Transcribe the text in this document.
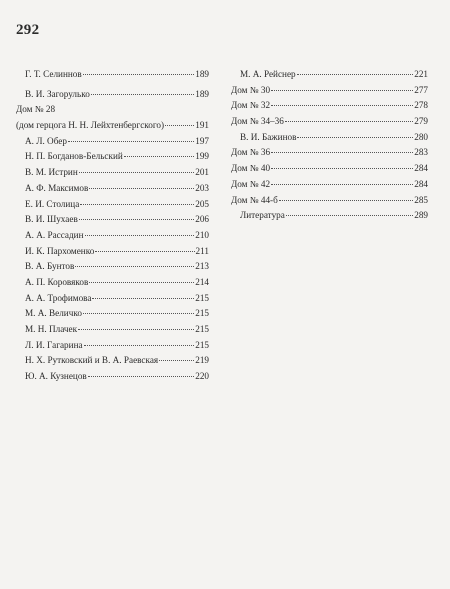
292
Г. Т. Селиннов	189
В. И. Загорулько	189
Дом № 28
(дом герцога Н. Н. Лейхтенбергского)	191
А. Л. Обер	197
Н. П. Богданов-Бельский	199
В. М. Истрин	201
А. Ф. Максимов	203
Е. И. Столица	205
В. И. Шухаев	206
А. А. Рассадин	210
И. К. Пархоменко	211
В. А. Бунтов	213
А. П. Коровяков	214
А. А. Трофимова	215
М. А. Величко	215
М. Н. Плачек	215
Л. И. Гагарина	215
Н. Х. Рутковский и В. А. Раевская	219
Ю. А. Кузнецов	220
М. А. Рейснер	221
Дом № 30	277
Дом № 32	278
Дом № 34–36	279
В. И. Бажинов	280
Дом № 36	283
Дом № 40	284
Дом № 42	284
Дом № 44-б	285
Литература	289
